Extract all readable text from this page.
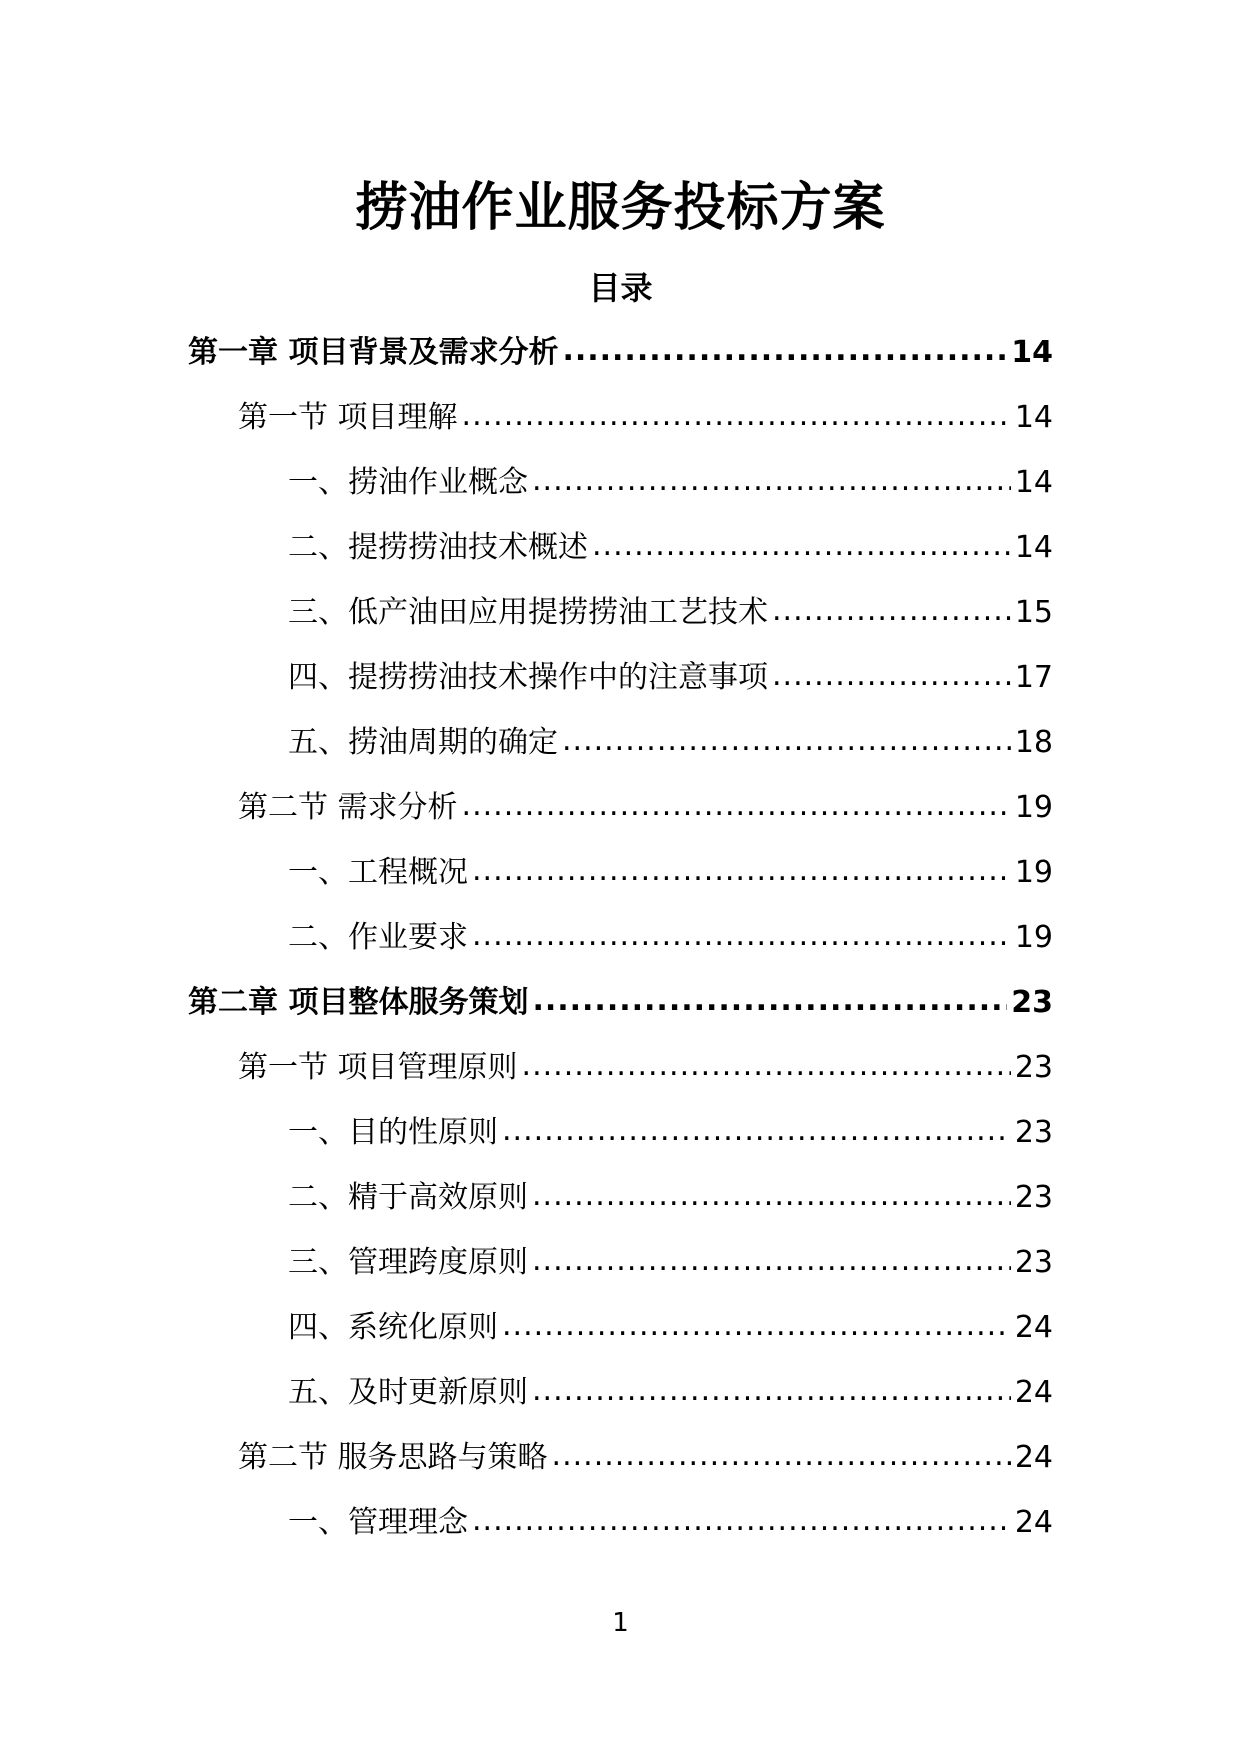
捞油作业服务投标方案
目录
第一章 项目背景及需求分析 .....	14
第一节 项目理解 .....	14
一、捞油作业概念 .....	14
二、提捞捞油技术概述 .....	14
三、低产油田应用提捞捞油工艺技术 .....	15
四、提捞捞油技术操作中的注意事项 .....	17
五、捞油周期的确定 .....	18
第二节 需求分析 .....	19
一、工程概况 .....	19
二、作业要求 .....	19
第二章 项目整体服务策划 .....	23
第一节 项目管理原则 .....	23
一、目的性原则 .....	23
二、精于高效原则 .....	23
三、管理跨度原则 .....	23
四、系统化原则 .....	24
五、及时更新原则 .....	24
第二节 服务思路与策略 .....	24
一、管理理念 .....	24
1
